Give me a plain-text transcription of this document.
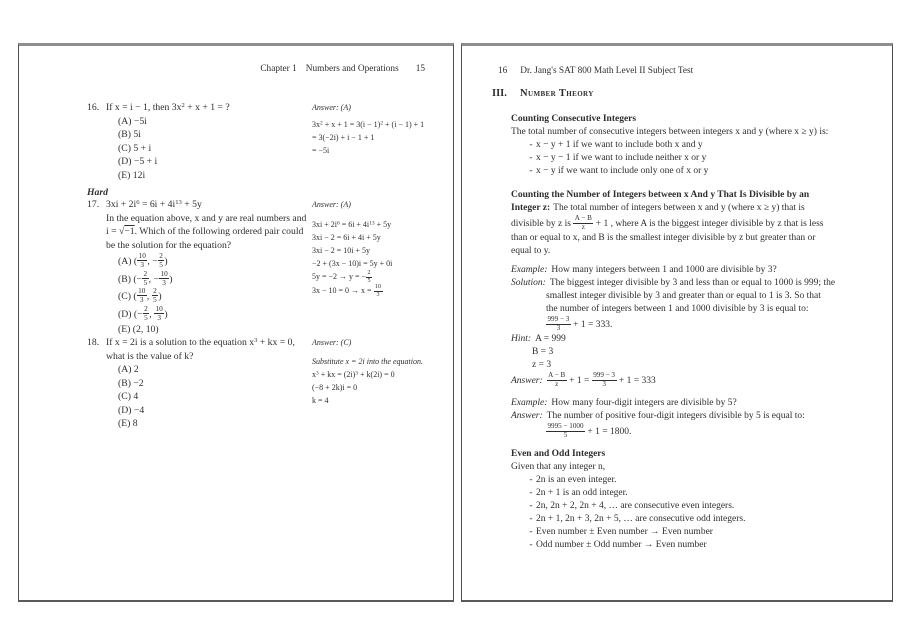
Chapter 1 Numbers and Operations 15
16. If x = i − 1, then $3x^2 + x + 1$ = ?
(A) −5i
(B) 5i
(C) 5 + i
(D) −5 + i
(E) 12i
Hard
17. $3xi + 2i^6 = 6i + 4i^{13} + 5y$
In the equation above, x and y are real numbers and
i = √−1. Which of the following ordered pair could
be the solution for the equation?
(A) ( $\frac{10}{3}$ , − $\frac{2}{5}$ )
(B) (− $\frac{2}{5}$ , − $\frac{10}{3}$ )
(C) ( $\frac{10}{3}$ , $\frac{2}{5}$ )
(D) (− $\frac{2}{5}$ , $\frac{10}{3}$ )
(E) (2, 10)
18. If x = 2i is a solution to the equation $x^3$ + kx = 0,
what is the value of k?
(A) 2
(B) −2
(C) 4
(D) −4
(E) 8
Answer: (A)
$3x^2 + x + 1 = 3(i - 1)^2 + (i - 1) + 1$
= 3(−2i) + i − 1 + 1
= −5i
Answer: (A)
$3xi + 2i^6 = 6i + 4i^{13} + 5y$
3xi − 2 = 6i + 4i + 5y
3xi − 2 = 10i + 5y
−2 + (3x − 10)i = 5y + 0i
5y = −2 → y = − $\frac{2}{5}$
$3x - 10 = 0 \to x = \frac{10}{3}$
Answer: (C)
Substitute x = 2i into the equation.
$x^3$ + kx = $(2i)^3 + k(2i) = 0$
(−8 + 2k)i = 0
k = 4
16 Dr. Jang's SAT 800 Math Level II Subject Test
III. Number Theory
Counting Consecutive Integers
The total number of consecutive integers between integers x and y (where x ≥ y) is:
- x − y + 1 if we want to include both x and y
- x − y − 1 if we want to include neither x or y
- x − y if we want to include only one of x or y
Counting the Number of Integers between x And y That Is Divisible by an
Integer z: The total number of integers between x and y (where x ≥ y) that is
divisible by z is $\frac{A - B}{z} + 1$ , where A is the biggest integer divisible by z that is less
than or equal to x, and B is the smallest integer divisible by z but greater than or
equal to y.
Example: How many integers between 1 and 1000 are divisible by 3?
Solution: The biggest integer divisible by 3 and less than or equal to 1000 is 999; the
smallest integer divisible by 3 and greater than or equal to 1 is 3. So that
the number of integers between 1 and 1000 divisible by 3 is equal to:
$\frac{999 - 3}{3} + 1 = 333$.
Hint: A = 999
B = 3
z = 3
Answer: $\frac{A - B}{z} + 1 = \frac{999 - 3}{3} + 1 = 333$
Example: How many four-digit integers are divisible by 5?
Answer: The number of positive four-digit integers divisible by 5 is equal to:
$\frac{9995 - 1000}{5} + 1 = 1800$.
Even and Odd Integers
Given that any integer n,
- 2n is an even integer.
- 2n + 1 is an odd integer.
- 2n, 2n + 2, 2n + 4, … are consecutive even integers.
- 2n + 1, 2n + 3, 2n + 5, … are consecutive odd integers.
- Even number ± Even number → Even number
- Odd number ± Odd number → Even number
